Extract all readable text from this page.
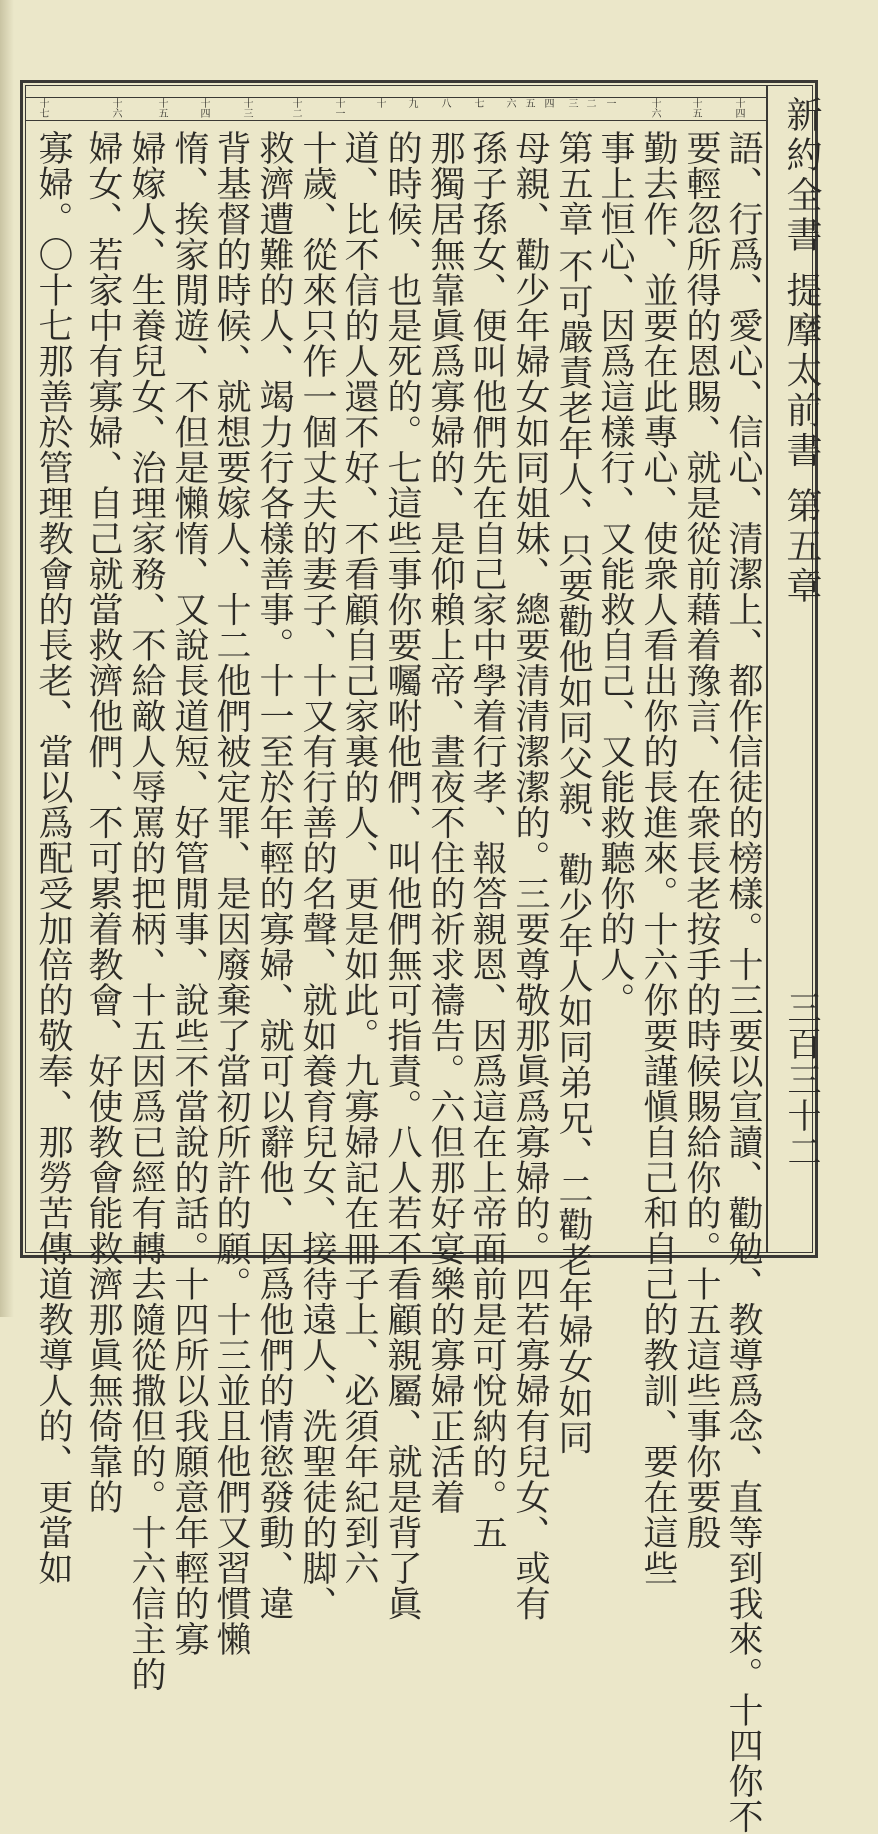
新約全書 提摩太前書 第五章
三百三十二
十七	十六	十五	十四	十三	十二	十一	十	九	八	七	六 五 四	三 二 一	十六	十五	十四
語、行爲、愛心、信心、清潔上、都作信徒的榜樣。十三要以宣讀、勸勉、教導爲念、直等到我來。十四你不
要輕忽所得的恩賜、就是從前藉着豫言、在衆長老按手的時候賜給你的。十五這些事你要殷
勤去作、並要在此專心、使衆人看出你的長進來。十六你要謹愼自己和自己的教訓、要在這些
事上恒心、因爲這樣行、又能救自己、又能救聽你的人。
第五章 不可嚴責老年人、只要勸他如同父親、勸少年人如同弟兄、二勸老年婦女如同
母親、勸少年婦女如同姐妹、總要清清潔潔的。三要尊敬那眞爲寡婦的。四若寡婦有兒女、或有
孫子孫女、便叫他們先在自己家中學着行孝、報答親恩、因爲這在上帝面前是可悅納的。五
那獨居無靠眞爲寡婦的、是仰賴上帝、晝夜不住的祈求禱告。六但那好宴樂的寡婦正活着
的時候、也是死的。七這些事你要囑咐他們、叫他們無可指責。八人若不看顧親屬、就是背了眞
道、比不信的人還不好、不看顧自己家裏的人、更是如此。九寡婦記在冊子上、必須年紀到六
十歲、從來只作一個丈夫的妻子、十又有行善的名聲、就如養育兒女、接待遠人、洗聖徒的脚、
救濟遭難的人、竭力行各樣善事。十一至於年輕的寡婦、就可以辭他、因爲他們的情慾發動、違
背基督的時候、就想要嫁人、十二他們被定罪、是因廢棄了當初所許的願。十三並且他們又習慣懶
惰、挨家閒遊、不但是懶惰、又說長道短、好管閒事、說些不當說的話。十四所以我願意年輕的寡
婦嫁人、生養兒女、治理家務、不給敵人辱罵的把柄、十五因爲已經有轉去隨從撒但的。十六信主的
婦女、若家中有寡婦、自己就當救濟他們、不可累着教會、好使教會能救濟那眞無倚靠的
寡婦。〇十七那善於管理教會的長老、當以爲配受加倍的敬奉、那勞苦傳道教導人的、更當如
